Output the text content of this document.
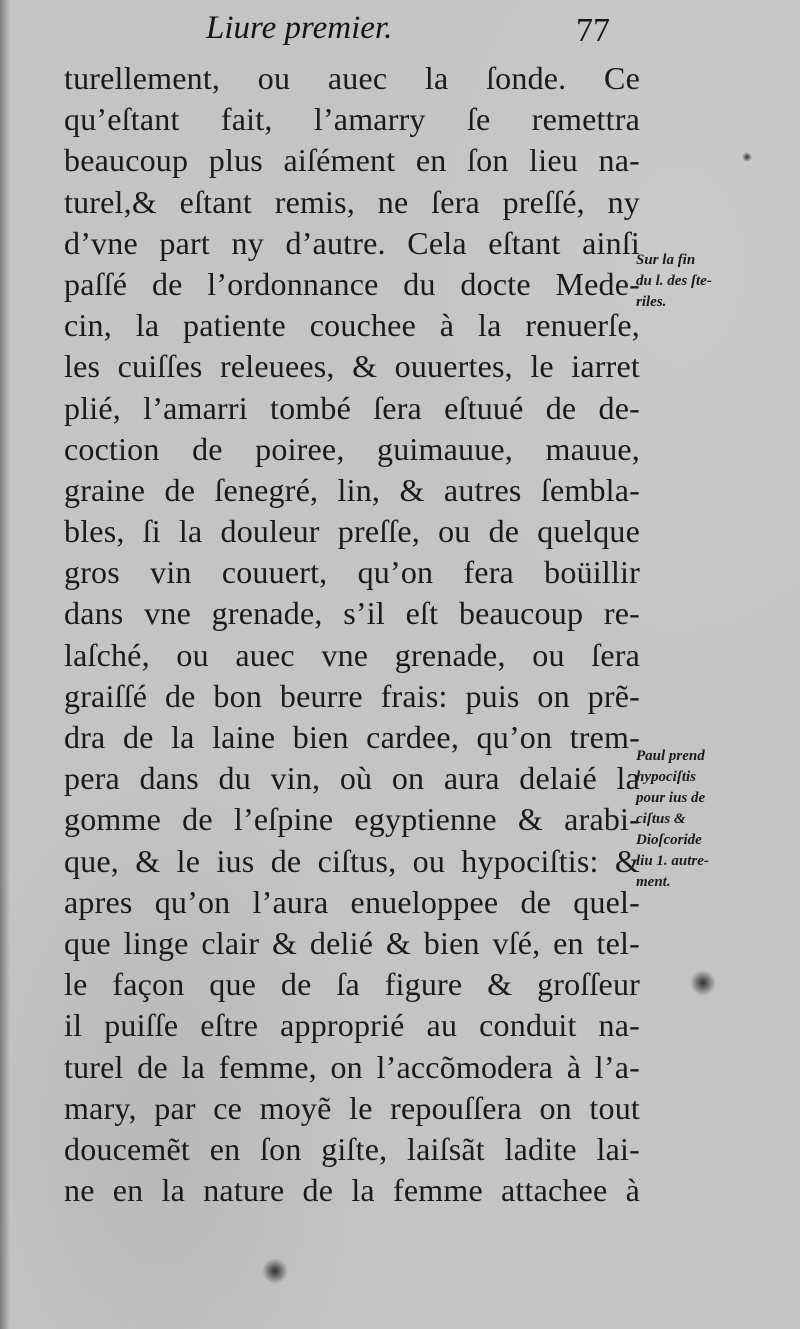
Liure premier.	77
turellement, ou auec la ſonde. Ce
qu’eſtant fait, l’amarry ſe remettra
beaucoup plus aiſément en ſon lieu na-
turel,& eſtant remis, ne ſera preſſé, ny
d’vne part ny d’autre. Cela eſtant ainſi
paſſé de l’ordonnance du docte Mede-
cin, la patiente couchee à la renuerſe,
les cuiſſes releuees, & ouuertes, le iarret
plié, l’amarri tombé ſera eſtuué de de-
coction de poiree, guimauue, mauue,
graine de ſenegré, lin, & autres ſembla-
bles, ſi la douleur preſſe, ou de quelque
gros vin couuert, qu’on fera boüillir
dans vne grenade, s’il eſt beaucoup re-
laſché, ou auec vne grenade, ou ſera
graiſſé de bon beurre frais: puis on prẽ-
dra de la laine bien cardee, qu’on trem-
pera dans du vin, où on aura delaié la
gomme de l’eſpine egyptienne & arabi-
que, & le ius de ciſtus, ou hypociſtis: &
apres qu’on l’aura enueloppee de quel-
que linge clair & delié & bien vſé, en tel-
le façon que de ſa figure & groſſeur
il puiſſe eſtre approprié au conduit na-
turel de la femme, on l’accõmodera à l’a-
mary, par ce moyẽ le repouſſera on tout
doucemẽt en ſon giſte, laiſsãt ladite lai-
ne en la nature de la femme attachee à
Sur la fin
du l. des ſte-
riles.
Paul prend
hypociſtis
pour ius de
ciſtus &
Dioſcoride
liu 1. autre-
ment.
